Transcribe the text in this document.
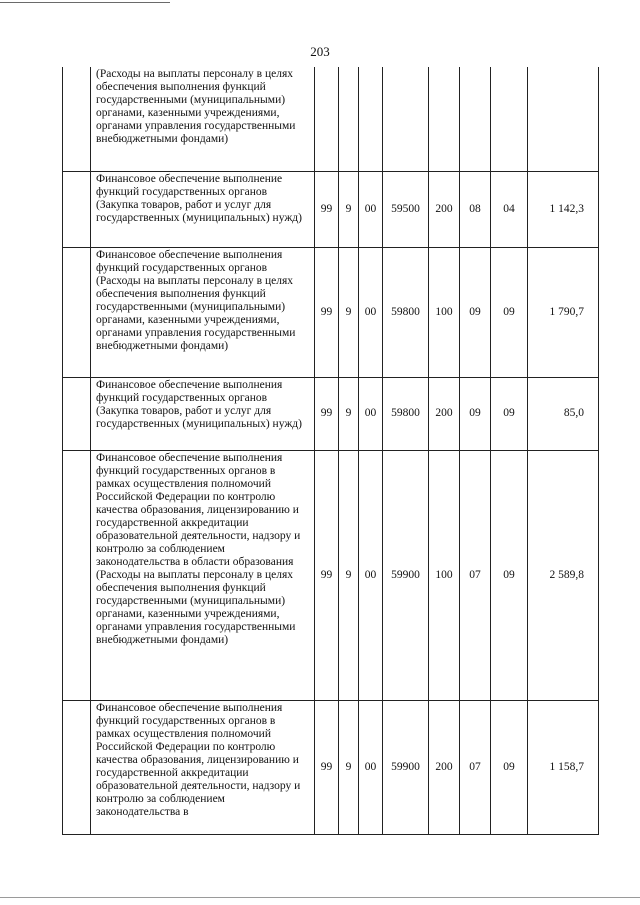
203
	(Расходы на выплаты персоналу в целях обеспечения выполнения функций государственными (муниципальными) органами, казенными учреждениями, органами управления государственными внебюджетными фондами)								
	Финансовое обеспечение выполнение функций государственных органов (Закупка товаров, работ и услуг для государственных (муниципальных) нужд)	99	9	00	59500	200	08	04	1 142,3
	Финансовое обеспечение выполнения функций государственных органов (Расходы на выплаты персоналу в целях обеспечения выполнения функций государственными (муниципальными) органами, казенными учреждениями, органами управления государственными внебюджетными фондами)	99	9	00	59800	100	09	09	1 790,7
	Финансовое обеспечение выполнения функций государственных органов (Закупка товаров, работ и услуг для государственных (муниципальных) нужд)	99	9	00	59800	200	09	09	85,0
	Финансовое обеспечение выполнения функций государственных органов в рамках осуществления полномочий Российской Федерации по контролю качества образования, лицензированию и государственной аккредитации образовательной деятельности, надзору и контролю за соблюдением законодательства в области образования (Расходы на выплаты персоналу в целях обеспечения выполнения функций государственными (муниципальными) органами, казенными учреждениями, органами управления государственными внебюджетными фондами)	99	9	00	59900	100	07	09	2 589,8
	Финансовое обеспечение выполнения функций государственных органов в рамках осуществления полномочий Российской Федерации по контролю качества образования, лицензированию и государственной аккредитации образовательной деятельности, надзору и контролю за соблюдением законодательства в	99	9	00	59900	200	07	09	1 158,7
